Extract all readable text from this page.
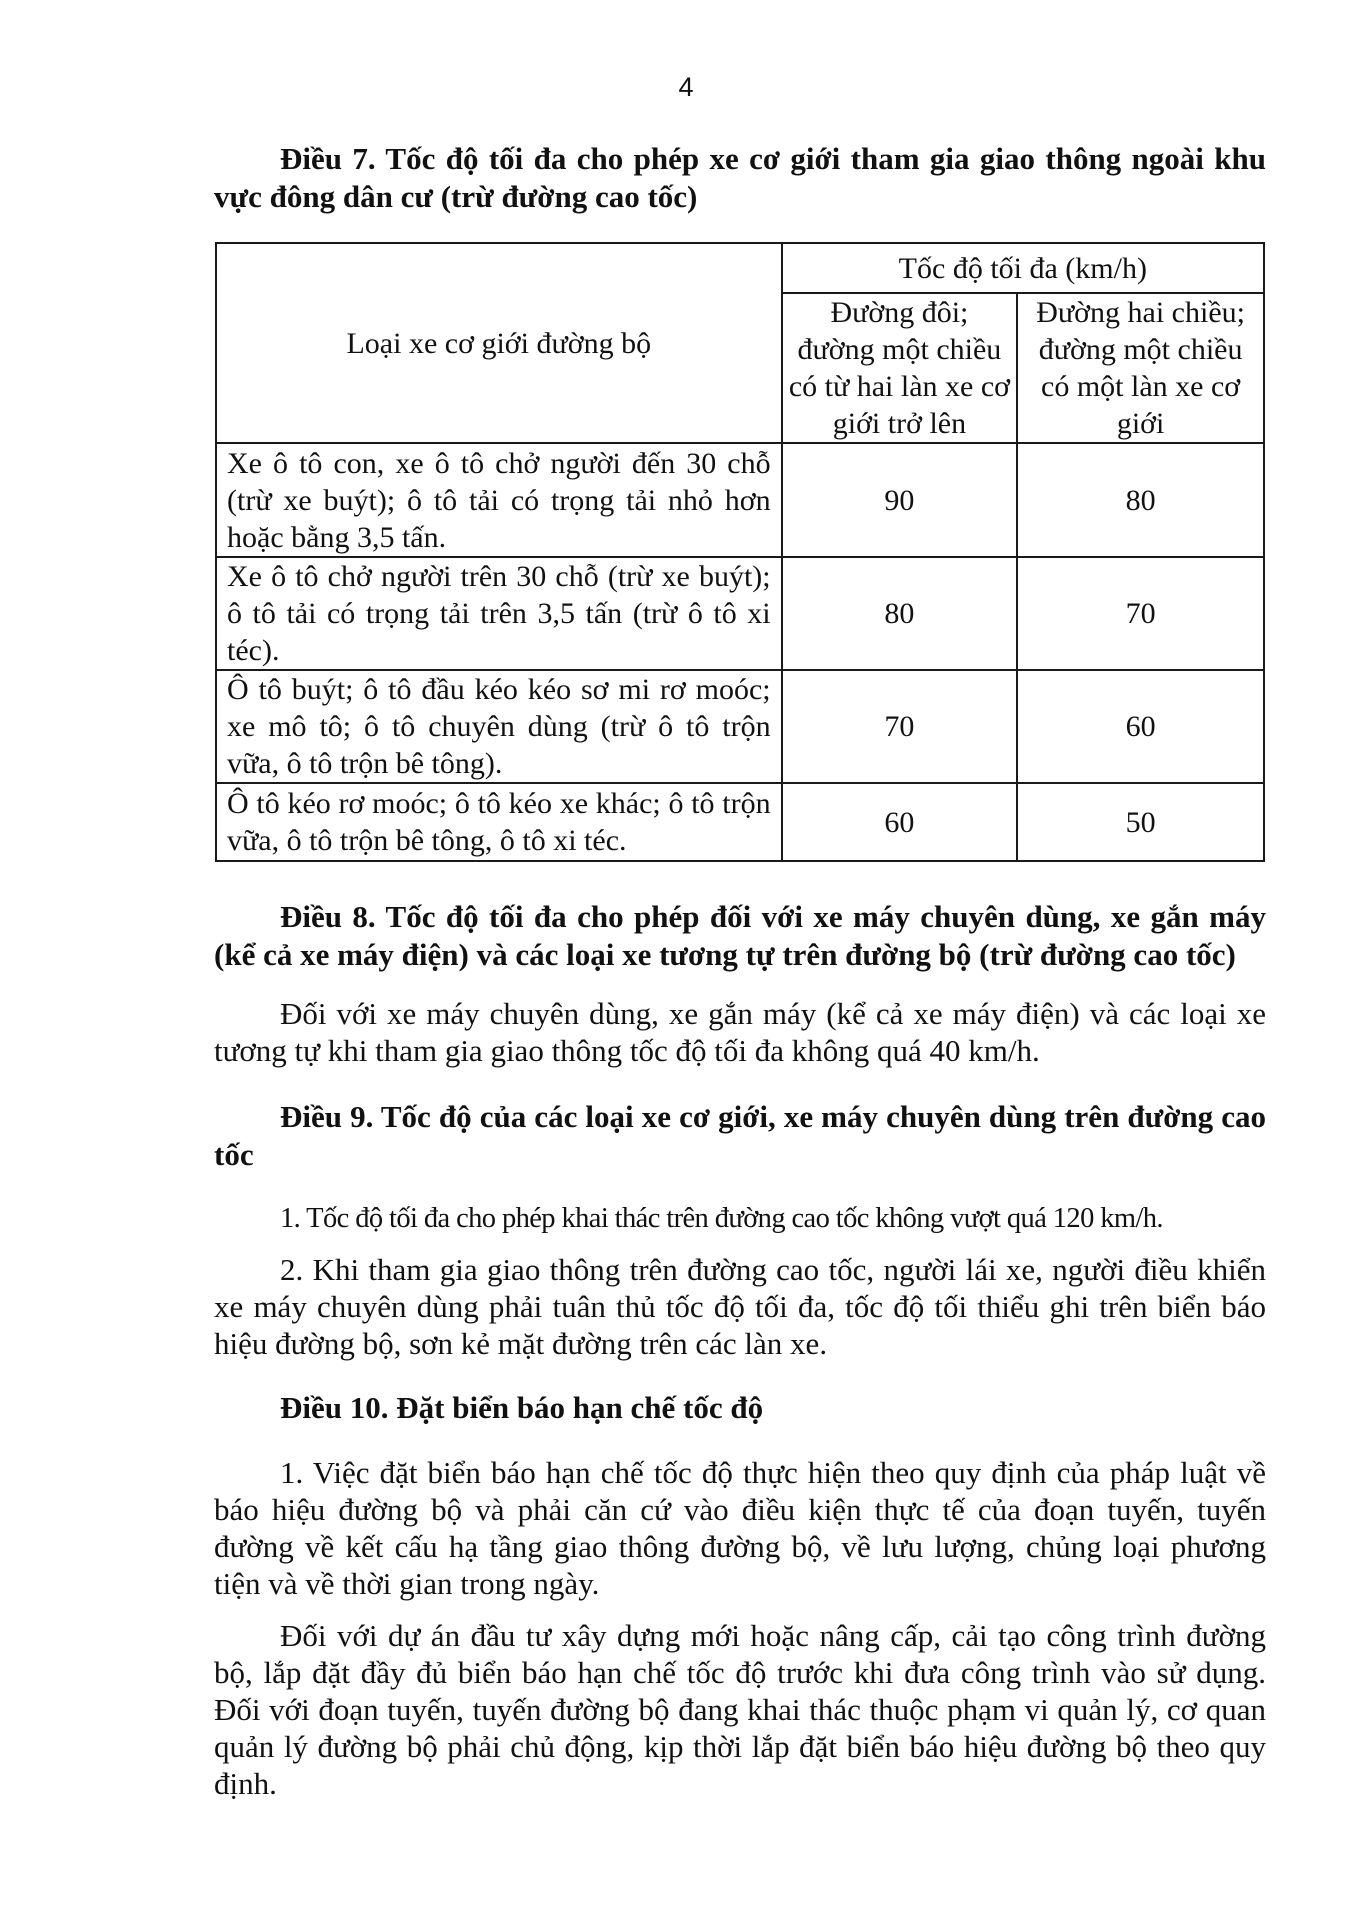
4
Điều 7. Tốc độ tối đa cho phép xe cơ giới tham gia giao thông ngoài khu vực đông dân cư (trừ đường cao tốc)
Loại xe cơ giới đường bộ	Tốc độ tối đa (km/h)	
	Đường đôi; đường một chiều có từ hai làn xe cơ giới trở lên	Đường hai chiều; đường một chiều có một làn xe cơ giới
Xe ô tô con, xe ô tô chở người đến 30 chỗ (trừ xe buýt); ô tô tải có trọng tải nhỏ hơn hoặc bằng 3,5 tấn.	90	80
Xe ô tô chở người trên 30 chỗ (trừ xe buýt); ô tô tải có trọng tải trên 3,5 tấn (trừ ô tô xi téc).	80	70
Ô tô buýt; ô tô đầu kéo kéo sơ mi rơ moóc; xe mô tô; ô tô chuyên dùng (trừ ô tô trộn vữa, ô tô trộn bê tông).	70	60
Ô tô kéo rơ moóc; ô tô kéo xe khác; ô tô trộn vữa, ô tô trộn bê tông, ô tô xi téc.	60	50
Điều 8. Tốc độ tối đa cho phép đối với xe máy chuyên dùng, xe gắn máy (kể cả xe máy điện) và các loại xe tương tự trên đường bộ (trừ đường cao tốc)
Đối với xe máy chuyên dùng, xe gắn máy (kể cả xe máy điện) và các loại xe tương tự khi tham gia giao thông tốc độ tối đa không quá 40 km/h.
Điều 9. Tốc độ của các loại xe cơ giới, xe máy chuyên dùng trên đường cao tốc
1. Tốc độ tối đa cho phép khai thác trên đường cao tốc không vượt quá 120 km/h.
2. Khi tham gia giao thông trên đường cao tốc, người lái xe, người điều khiển xe máy chuyên dùng phải tuân thủ tốc độ tối đa, tốc độ tối thiểu ghi trên biển báo hiệu đường bộ, sơn kẻ mặt đường trên các làn xe.
Điều 10. Đặt biển báo hạn chế tốc độ
1. Việc đặt biển báo hạn chế tốc độ thực hiện theo quy định của pháp luật về báo hiệu đường bộ và phải căn cứ vào điều kiện thực tế của đoạn tuyến, tuyến đường về kết cấu hạ tầng giao thông đường bộ, về lưu lượng, chủng loại phương tiện và về thời gian trong ngày.
Đối với dự án đầu tư xây dựng mới hoặc nâng cấp, cải tạo công trình đường bộ, lắp đặt đầy đủ biển báo hạn chế tốc độ trước khi đưa công trình vào sử dụng. Đối với đoạn tuyến, tuyến đường bộ đang khai thác thuộc phạm vi quản lý, cơ quan quản lý đường bộ phải chủ động, kịp thời lắp đặt biển báo hiệu đường bộ theo quy định.
